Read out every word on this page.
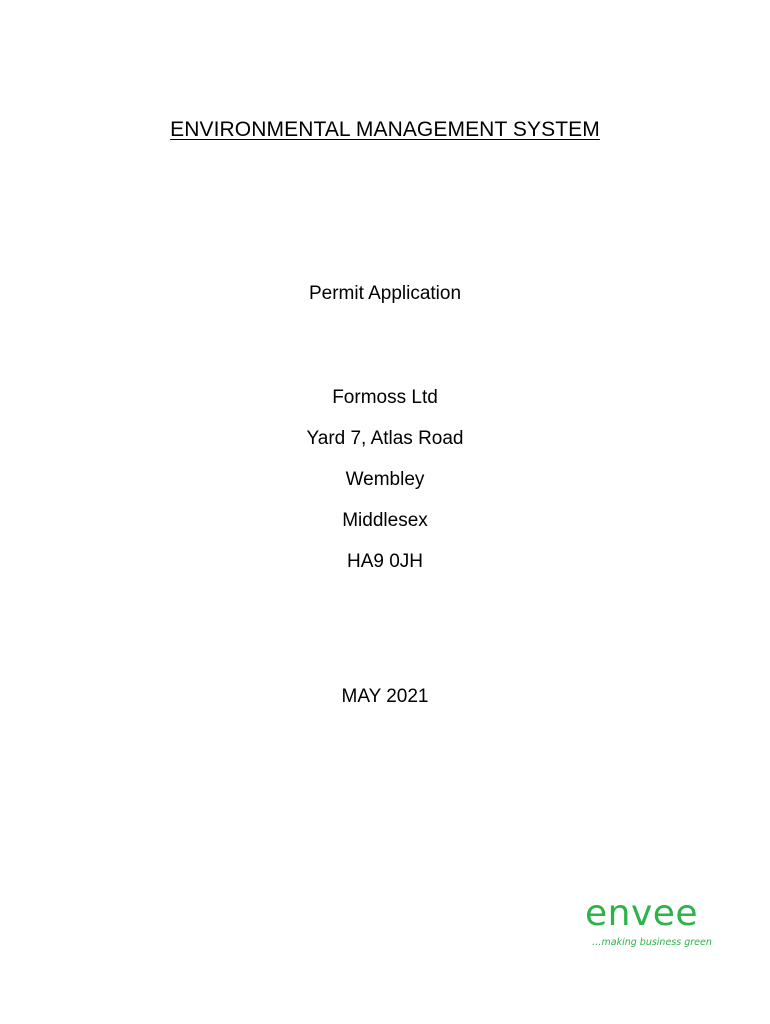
ENVIRONMENTAL MANAGEMENT SYSTEM
Permit Application
Formoss Ltd
Yard 7, Atlas Road
Wembley
Middlesex
HA9 0JH
MAY 2021
envee
…making business green
